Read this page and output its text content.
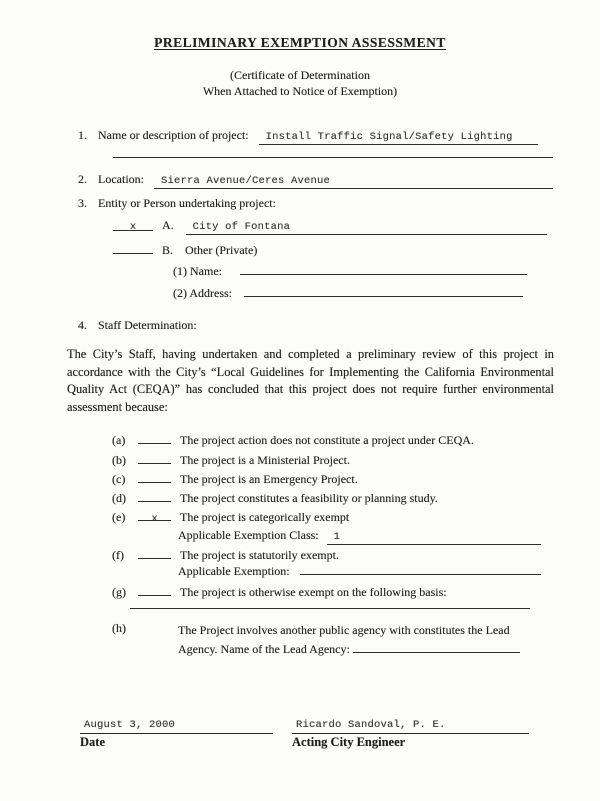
PRELIMINARY EXEMPTION ASSESSMENT
(Certificate of Determination
When Attached to Notice of Exemption)
1. Name or description of project: Install Traffic Signal/Safety Lighting
2. Location: Sierra Avenue/Ceres Avenue
3. Entity or Person undertaking project:
x A. City of Fontana
B. Other (Private)
(1) Name:
(2) Address:
4. Staff Determination:
The City’s Staff, having undertaken and completed a preliminary review of this project in accordance with the City’s “Local Guidelines for Implementing the California Environmental Quality Act (CEQA)” has concluded that this project does not require further environmental assessment because:
(a)	The project action does not constitute a project under CEQA.
(b)	The project is a Ministerial Project.
(c)	The project is an Emergency Project.
(d)	The project constitutes a feasibility or planning study.
(e) x The project is categorically exempt
Applicable Exemption Class: 1
(f)	The project is statutorily exempt.
Applicable Exemption:
(g)	The project is otherwise exempt on the following basis:
(h)	The Project involves another public agency with constitutes the Lead Agency. Name of the Lead Agency:
August 3, 2000
Date
Ricardo Sandoval, P. E.
Acting City Engineer
